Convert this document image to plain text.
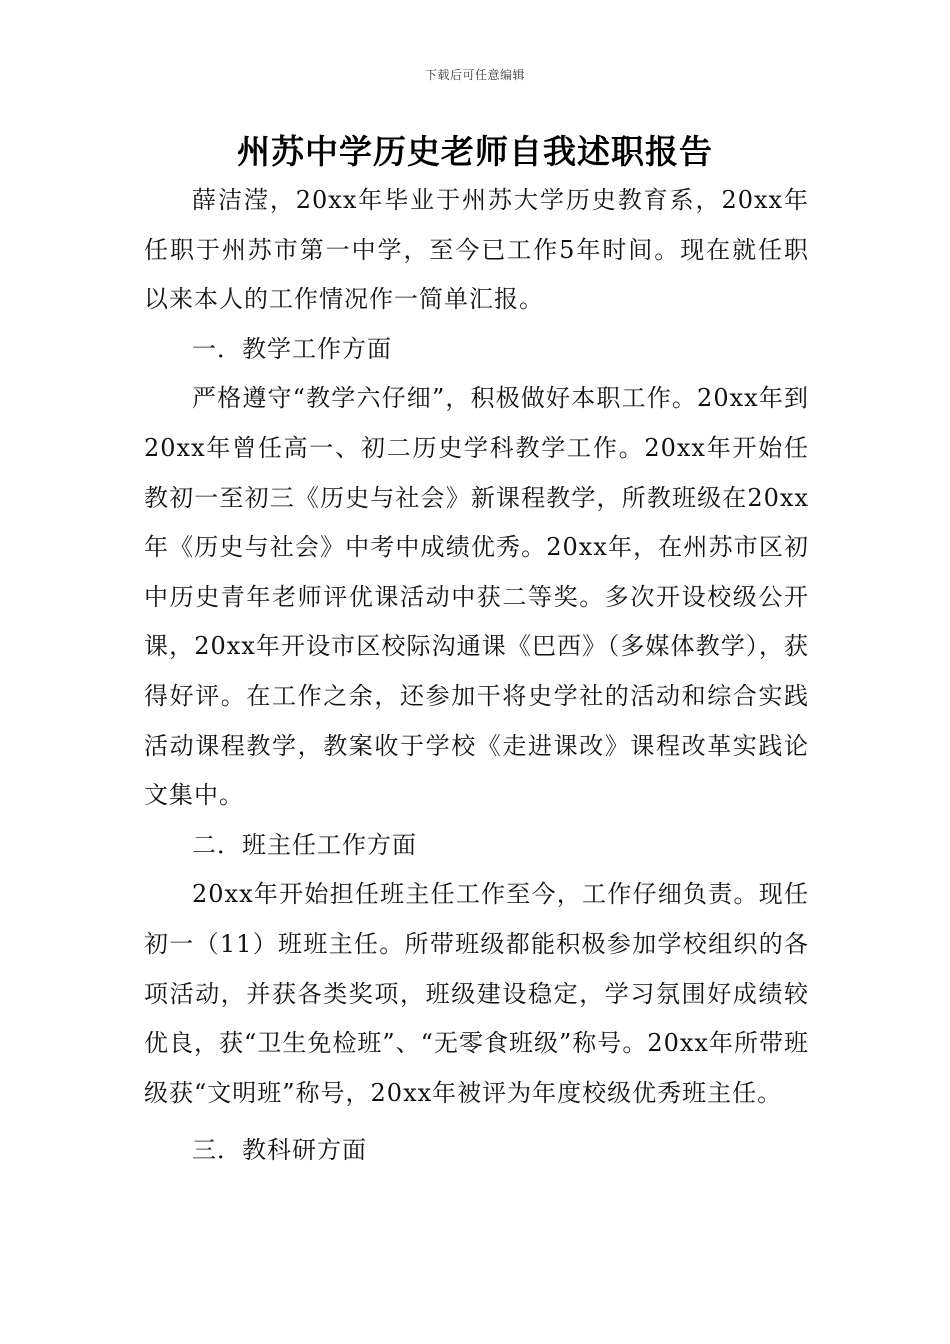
下载后可任意编辑
州苏中学历史老师自我述职报告

薛洁滢，20xx年毕业于州苏大学历史教育系，20xx年任职于州苏市第一中学，至今已工作5年时间。现在就任职以来本人的工作情况作一简单汇报。

一．教学工作方面

严格遵守“教学六仔细”，积极做好本职工作。20xx年到20xx年曾任高一、初二历史学科教学工作。20xx年开始任教初一至初三《历史与社会》新课程教学，所教班级在20xx年《历史与社会》中考中成绩优秀。20xx年，在州苏市区初中历史青年老师评优课活动中获二等奖。多次开设校级公开课，20xx年开设市区校际沟通课《巴西》（多媒体教学），获得好评。在工作之余，还参加干将史学社的活动和综合实践活动课程教学，教案收于学校《走进课改》课程改革实践论文集中。

二．班主任工作方面

20xx年开始担任班主任工作至今，工作仔细负责。现任初一（11）班班主任。所带班级都能积极参加学校组织的各项活动，并获各类奖项，班级建设稳定，学习氛围好成绩较优良，获“卫生免检班”、“无零食班级”称号。20xx年所带班级获“文明班”称号，20xx年被评为年度校级优秀班主任。

三．教科研方面
